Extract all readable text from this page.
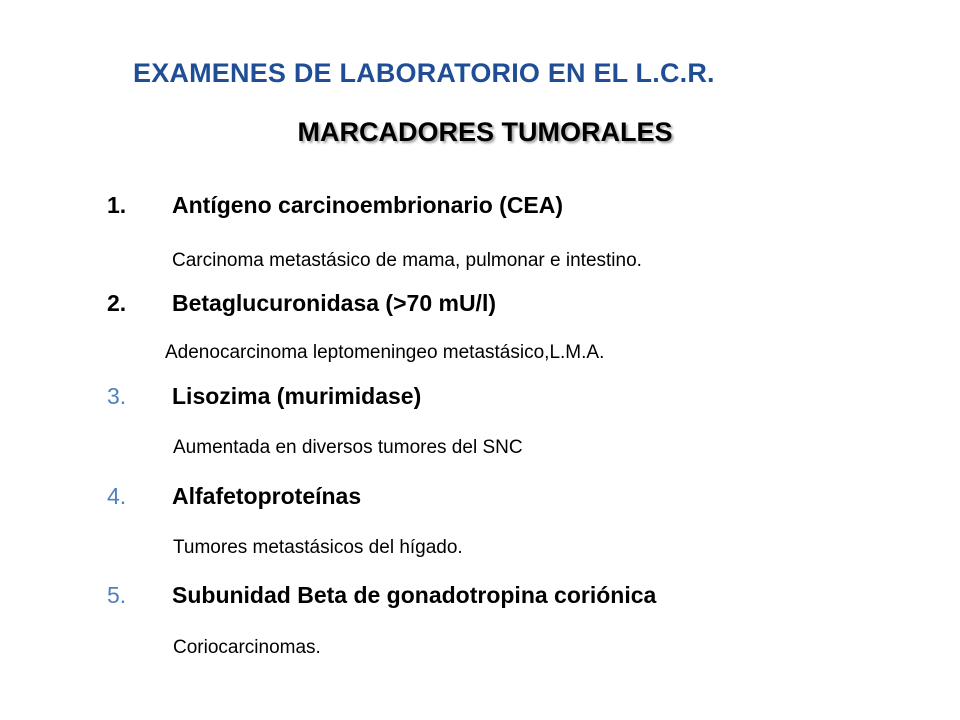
EXAMENES DE LABORATORIO EN EL L.C.R.
MARCADORES TUMORALES
1. Antígeno carcinoembrionario (CEA)
Carcinoma metastásico de mama, pulmonar e intestino.
2. Betaglucuronidasa (>70 mU/l)
Adenocarcinoma leptomeningeo metastásico,L.M.A.
3. Lisozima (murimidase)
Aumentada en diversos tumores del SNC
4. Alfafetoproteínas
Tumores metastásicos del hígado.
5. Subunidad Beta de gonadotropina coriónica
Coriocarcinomas.
